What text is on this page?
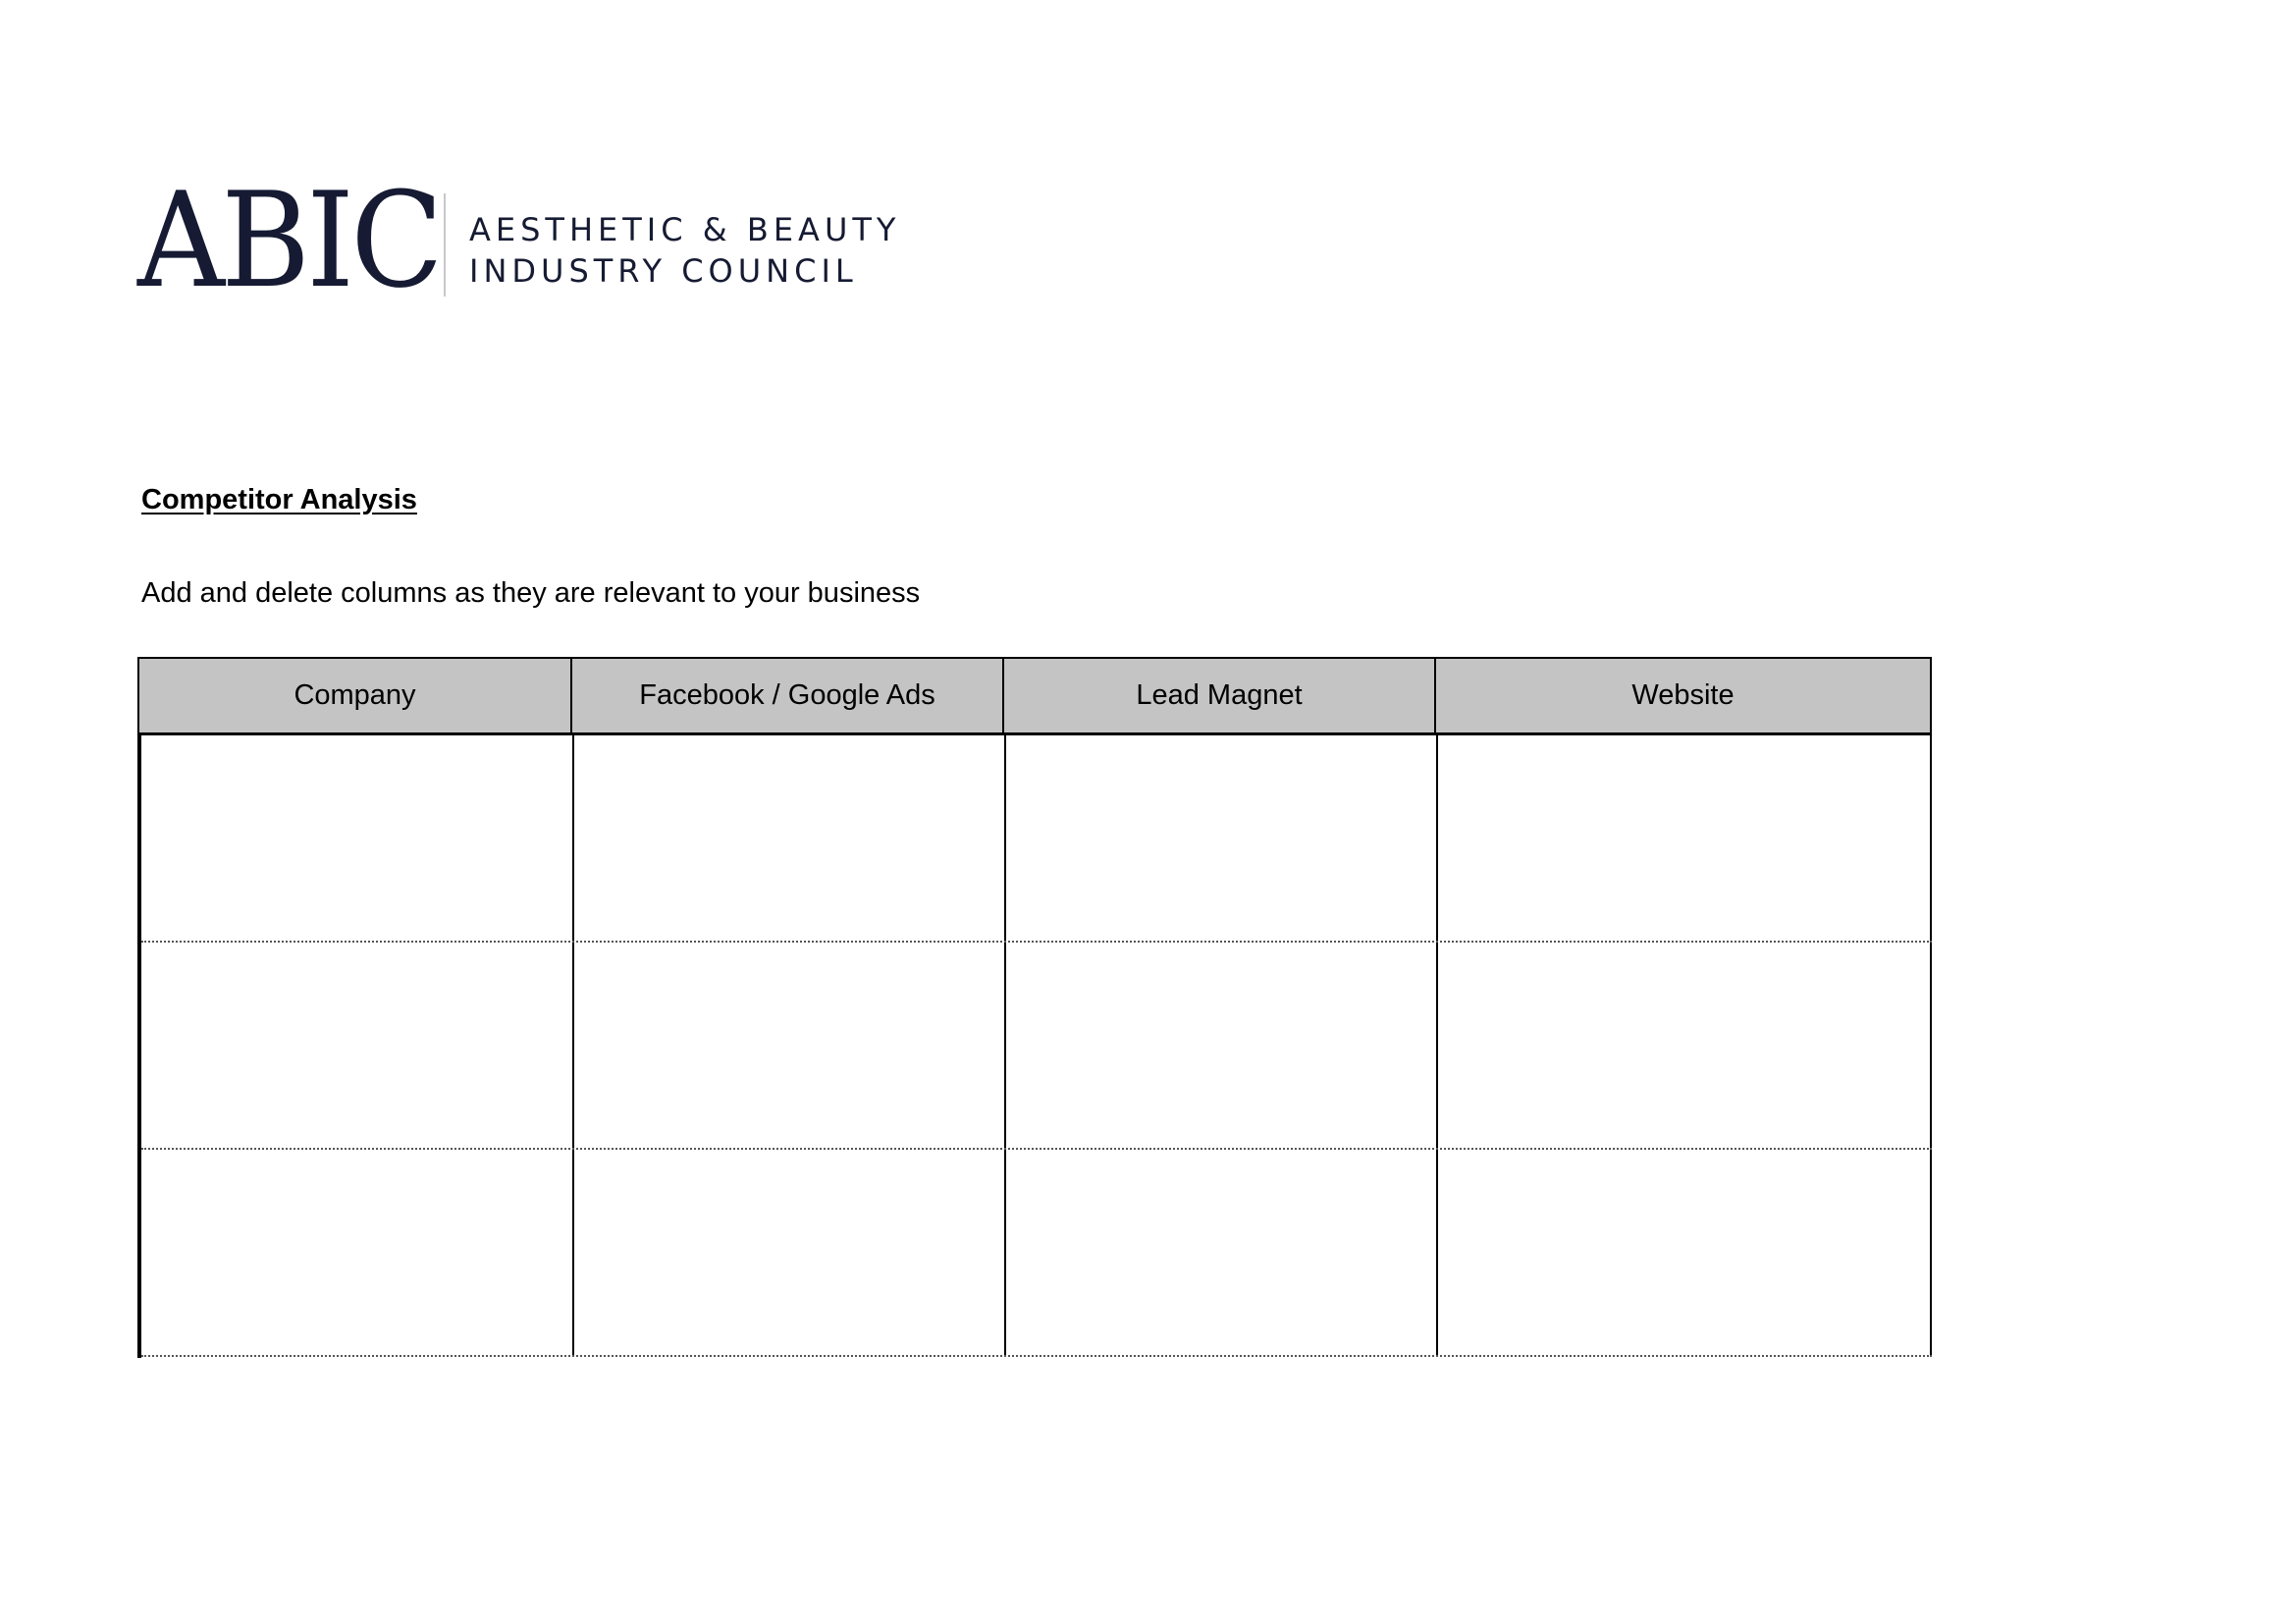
ABIC AESTHETIC & BEAUTY
INDUSTRY COUNCIL
Competitor Analysis
Add and delete columns as they are relevant to your business
Company	Facebook / Google Ads	Lead Magnet	Website
